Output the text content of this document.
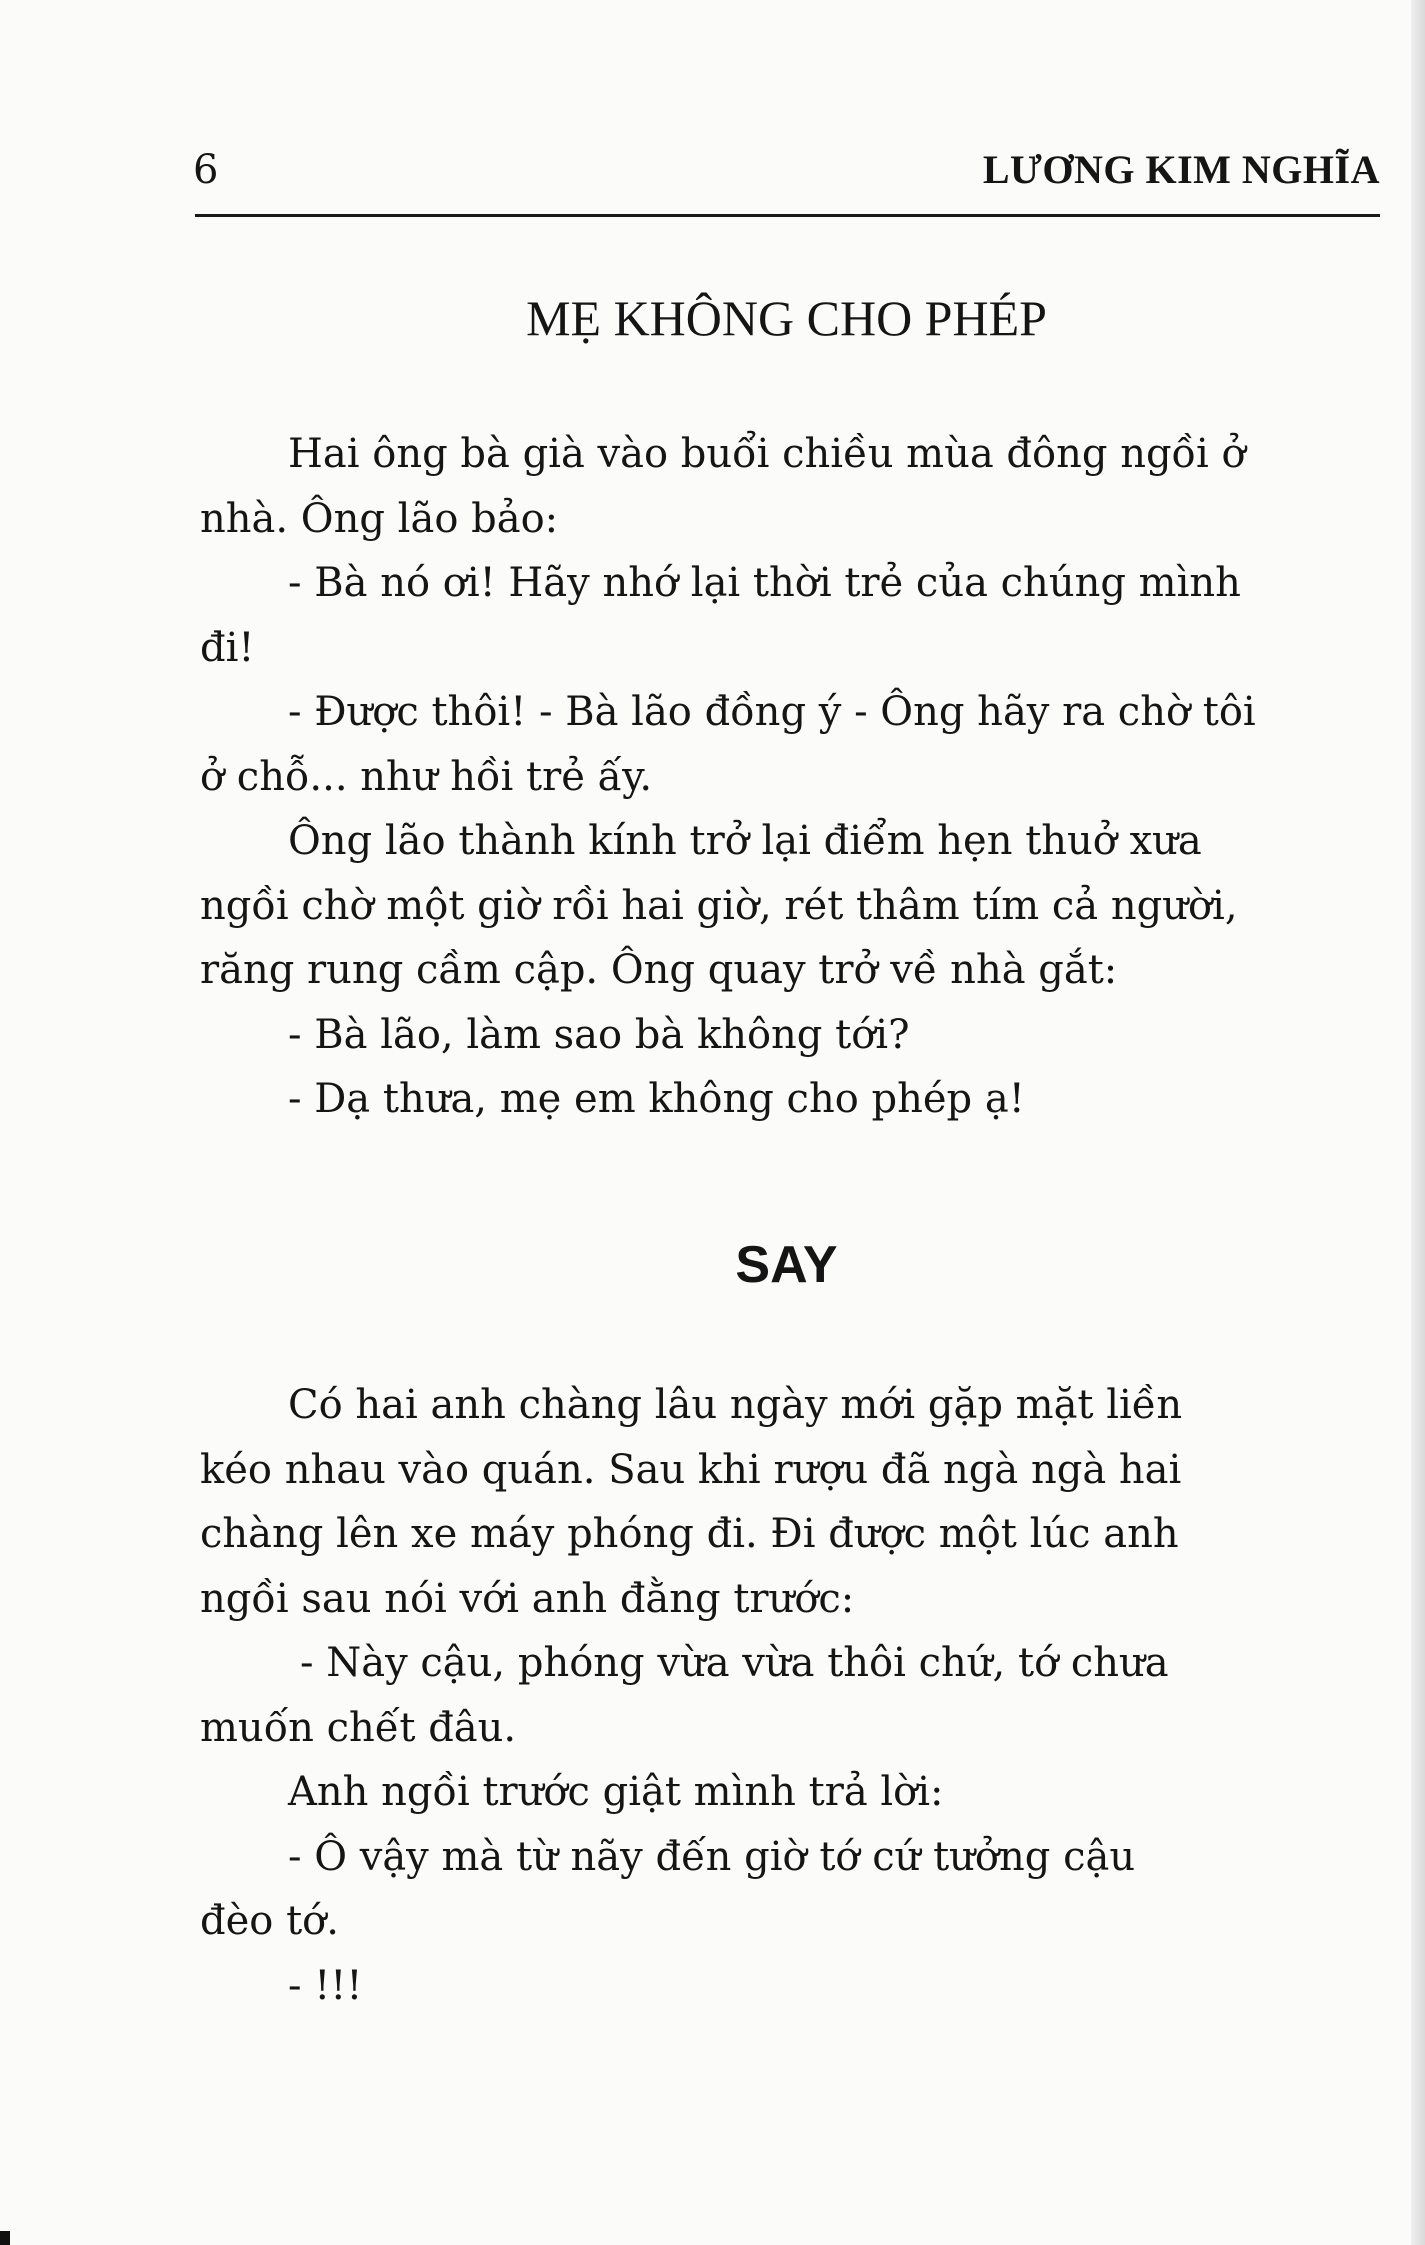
6	LƯƠNG KIM NGHĨA
MẸ KHÔNG CHO PHÉP

Hai ông bà già vào buổi chiều mùa đông ngồi ở

nhà. Ông lão bảo:

- Bà nó ơi! Hãy nhớ lại thời trẻ của chúng mình

đi!

- Được thôi! - Bà lão đồng ý - Ông hãy ra chờ tôi

ở chỗ... như hồi trẻ ấy.

Ông lão thành kính trở lại điểm hẹn thuở xưa

ngồi chờ một giờ rồi hai giờ, rét thâm tím cả người,

răng rung cầm cập. Ông quay trở về nhà gắt:

- Bà lão, làm sao bà không tới?

- Dạ thưa, mẹ em không cho phép ạ!

SAY

Có hai anh chàng lâu ngày mới gặp mặt liền

kéo nhau vào quán. Sau khi rượu đã ngà ngà hai

chàng lên xe máy phóng đi. Đi được một lúc anh

ngồi sau nói với anh đằng trước:

- Này cậu, phóng vừa vừa thôi chứ, tớ chưa

muốn chết đâu.

Anh ngồi trước giật mình trả lời:

- Ô vậy mà từ nãy đến giờ tớ cứ tưởng cậu

đèo tớ.

- !!!
